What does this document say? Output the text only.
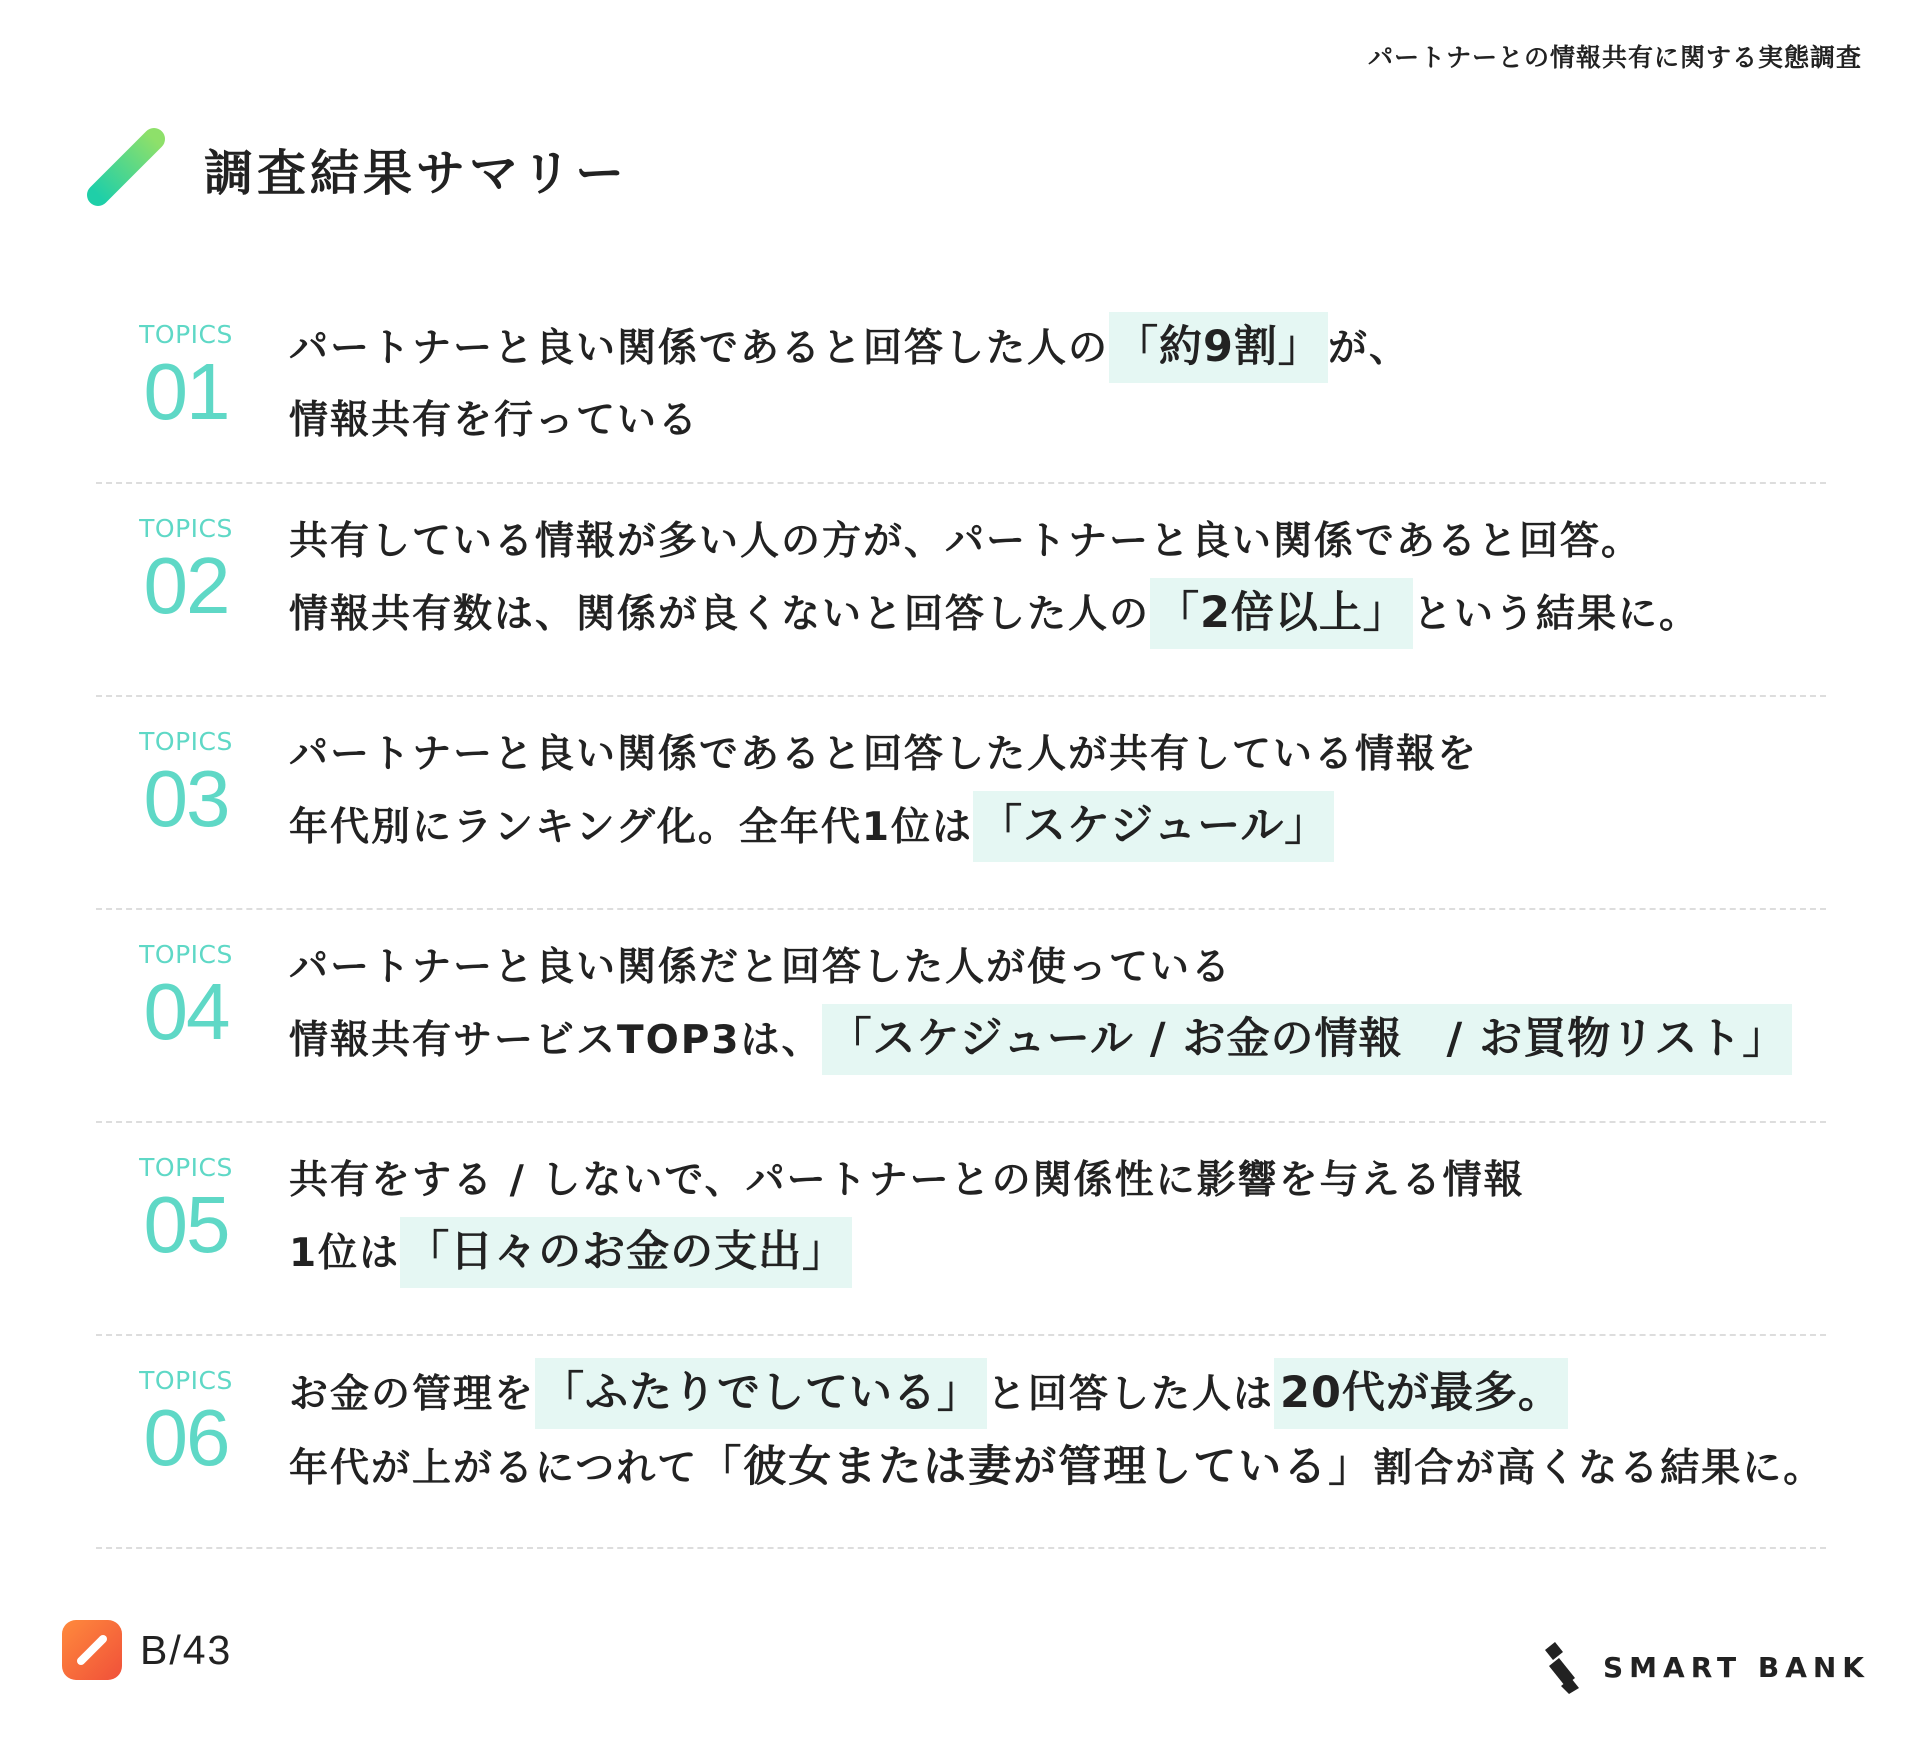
パートナーとの情報共有に関する実態調査
調査結果サマリー
TOPICS
01	パートナーと良い関係であると回答した人の 「約9割」 が、
情報共有を行っている
TOPICS
02	共有している情報が多い人の方が、パートナーと良い関係であると回答。
情報共有数は、関係が良くないと回答した人の 「2倍以上」 という結果に。
TOPICS
03	パートナーと良い関係であると回答した人が共有している情報を
年代別にランキング化。全年代1位は 「スケジュール」
TOPICS
04	パートナーと良い関係だと回答した人が使っている
情報共有サービスTOP3は、 「スケジュール / お金の情報　/ お買物リスト」
TOPICS
05	共有をする / しないで、パートナーとの関係性に影響を与える情報
1位は 「日々のお金の支出」
TOPICS
06	お金の管理を 「ふたりでしている」 と回答した人は 20代が最多。
年代が上がるにつれて「彼女または妻が管理している」割合が高くなる結果に。
B/43	SMART BANK
